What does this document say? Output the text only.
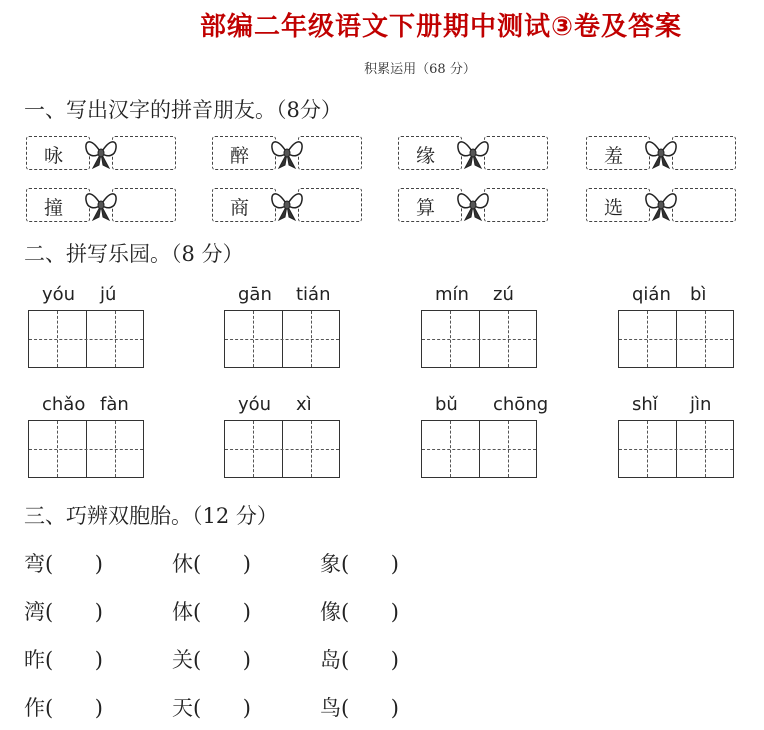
部编二年级语文下册期中测试③卷及答案
积累运用（68 分）
一、写出汉字的拼音朋友。（8分）
咏	醉	缘	羞
撞	商	算	选
二、拼写乐园。（8 分）
yóu jú	gān tián	mín zú	qián bì
chǎo fàn	yóu xì	bǔ chōng	shǐ jìn
三、巧辨双胞胎。（12 分）
弯( )	休( )	象( )
湾( )	体( )	像( )
昨( )	关( )	岛( )
作( )	天( )	鸟( )
